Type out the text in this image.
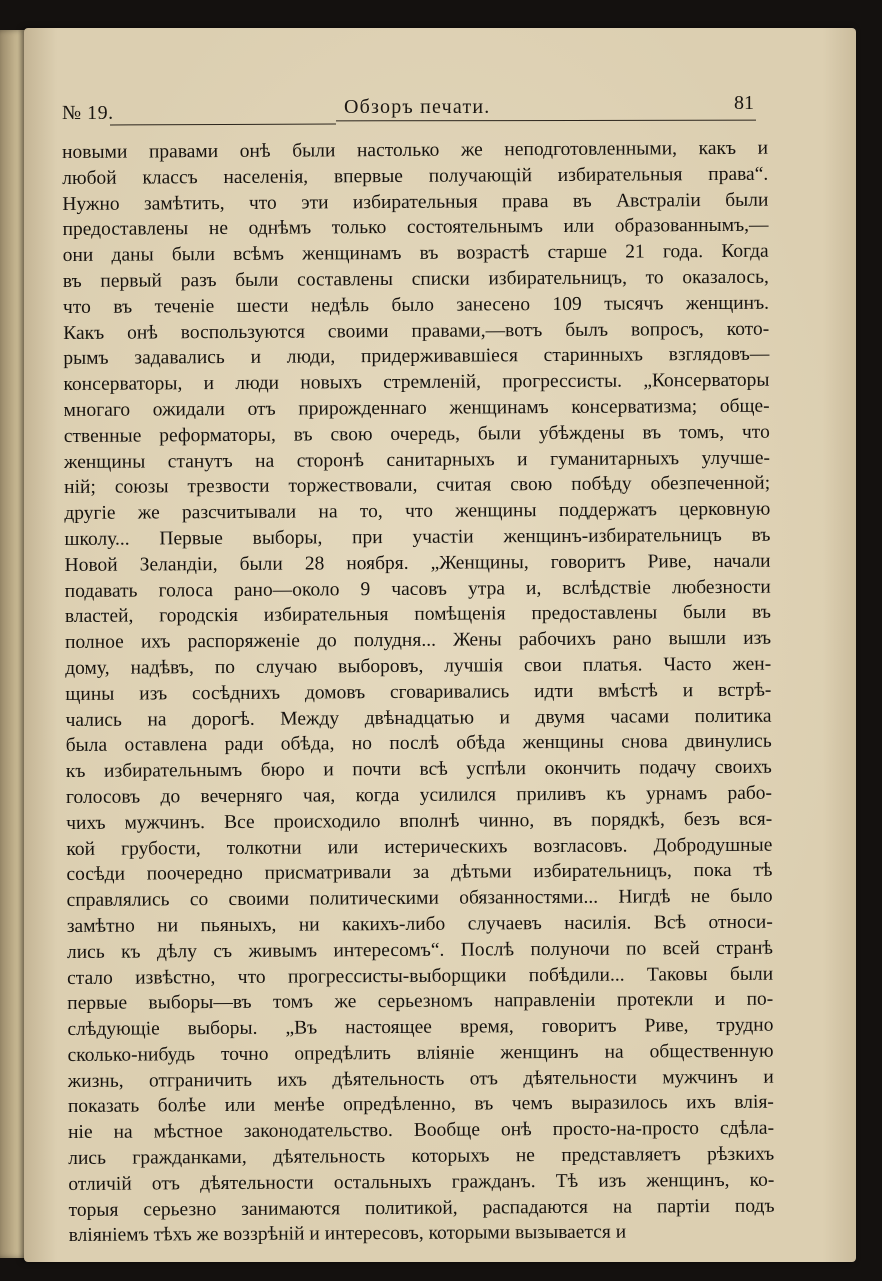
№ 19.	Обзоръ печати.	81
новыми правами онѣ были настолько же неподготовленными, какъ и
любой классъ населенія, впервые получающій избирательныя права“.
Нужно замѣтить, что эти избирательныя права въ Австраліи были
предоставлены не однѣмъ только состоятельнымъ или образованнымъ,—
они даны были всѣмъ женщинамъ въ возрастѣ старше 21 года. Когда
въ первый разъ были составлены списки избирательницъ, то оказалось,
что въ теченіе шести недѣль было занесено 109 тысячъ женщинъ.
Какъ онѣ воспользуются своими правами,—вотъ былъ вопросъ, кото-
рымъ задавались и люди, придерживавшіеся старинныхъ взглядовъ—
консерваторы, и люди новыхъ стремленій, прогрессисты. „Консерваторы
многаго ожидали отъ прирожденнаго женщинамъ консерватизма; обще-
ственные реформаторы, въ свою очередь, были убѣждены въ томъ, что
женщины станутъ на сторонѣ санитарныхъ и гуманитарныхъ улучше-
ній; союзы трезвости торжествовали, считая свою побѣду обезпеченной;
другіе же разсчитывали на то, что женщины поддержатъ церковную
школу... Первые выборы, при участіи женщинъ-избирательницъ въ
Новой Зеландіи, были 28 ноября. „Женщины, говоритъ Риве, начали
подавать голоса рано—около 9 часовъ утра и, вслѣдствіе любезности
властей, городскія избирательныя помѣщенія предоставлены были въ
полное ихъ распоряженіе до полудня... Жены рабочихъ рано вышли изъ
дому, надѣвъ, по случаю выборовъ, лучшія свои платья. Часто жен-
щины изъ сосѣднихъ домовъ сговаривались идти вмѣстѣ и встрѣ-
чались на дорогѣ. Между двѣнадцатью и двумя часами политика
была оставлена ради обѣда, но послѣ обѣда женщины снова двинулись
къ избирательнымъ бюро и почти всѣ успѣли окончить подачу своихъ
голосовъ до вечерняго чая, когда усилился приливъ къ урнамъ рабо-
чихъ мужчинъ. Все происходило вполнѣ чинно, въ порядкѣ, безъ вся-
кой грубости, толкотни или истерическихъ возгласовъ. Добродушные
сосѣди поочередно присматривали за дѣтьми избирательницъ, пока тѣ
справлялись со своими политическими обязанностями... Нигдѣ не было
замѣтно ни пьяныхъ, ни какихъ-либо случаевъ насилія. Всѣ относи-
лись къ дѣлу съ живымъ интересомъ“. Послѣ полуночи по всей странѣ
стало извѣстно, что прогрессисты-выборщики побѣдили... Таковы были
первые выборы—въ томъ же серьезномъ направленіи протекли и по-
слѣдующіе выборы. „Въ настоящее время, говоритъ Риве, трудно
сколько-нибудь точно опредѣлить вліяніе женщинъ на общественную
жизнь, отграничить ихъ дѣятельность отъ дѣятельности мужчинъ и
показать болѣе или менѣе опредѣленно, въ чемъ выразилось ихъ влія-
ніе на мѣстное законодательство. Вообще онѣ просто-на-просто сдѣла-
лись гражданками, дѣятельность которыхъ не представляетъ рѣзкихъ
отличій отъ дѣятельности остальныхъ гражданъ. Тѣ изъ женщинъ, ко-
торыя серьезно занимаются политикой, распадаются на партіи подъ
вліяніемъ тѣхъ же воззрѣній и интересовъ, которыми вызывается и
